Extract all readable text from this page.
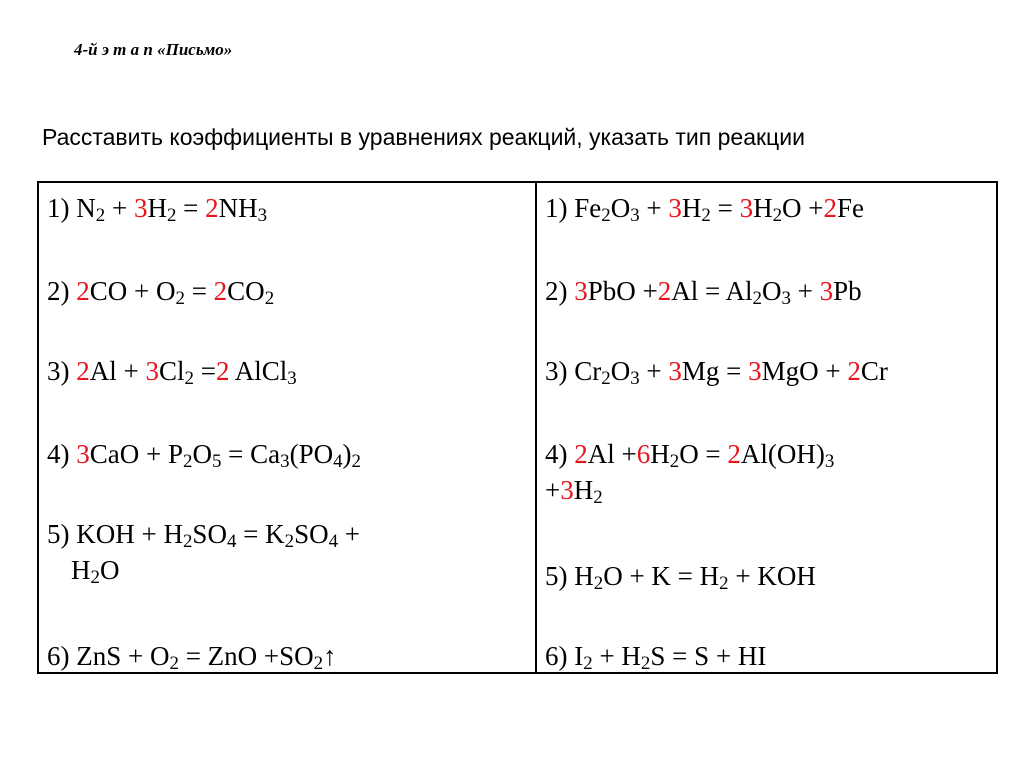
4-й э т а п «Письмо»
Расставить коэффициенты в уравнениях реакций, указать тип реакции
1) $N_2 + 3H_2 = 2NH_3$
2) $2CO + O_2 = 2CO_2$
3) $2Al + 3Cl_2 =2$ AlCl$_3$
4) $3CaO + P_2O_5 = Ca_3(PO_4)_2$
5) KOH + $H_2SO_4 = K_2SO_4$ +
$H_2O$
6) ZnS + $O_2$ = ZnO $+SO_2↑$
1) $Fe_2O_3 + 3H_2 = 3H_2O +2Fe$
2) $3PbO +2Al = Al_2O_3 + 3Pb$
3) $Cr_2O_3 + 3Mg = 3MgO + 2Cr$
4) $2Al +6H_2O = 2Al(OH)_3$
$+3H_2$
5) $H_2O + K = H_2$ + KOH
6) $I_2 + H_2S = S$ + HI
